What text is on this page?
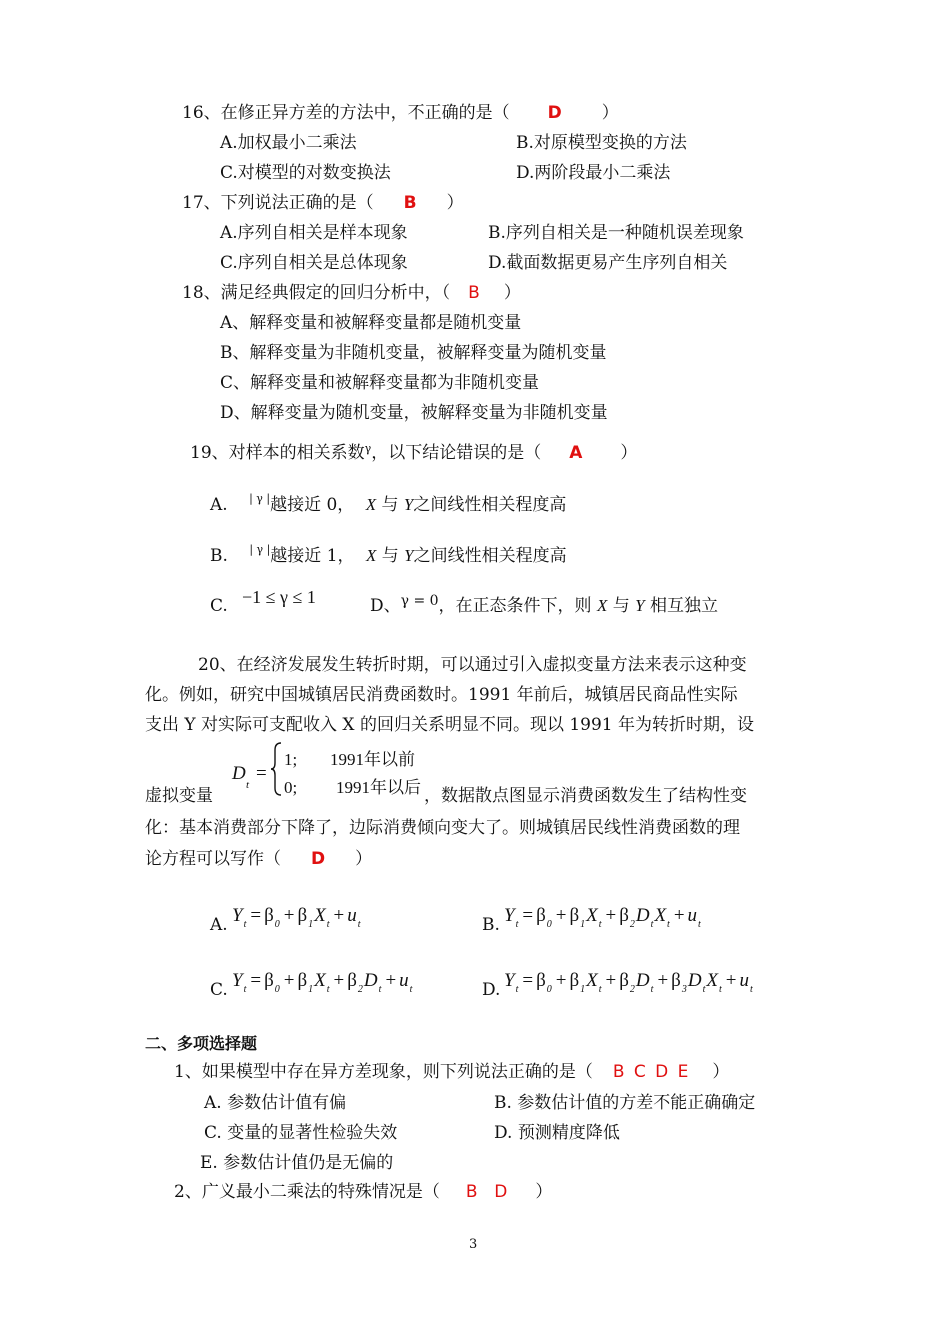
16、在修正异方差的方法中，不正确的是（ D ）
A.加权最小二乘法	B.对原模型变换的方法
C.对模型的对数变换法	D.两阶段最小二乘法
17、下列说法正确的是（ B ）
A.序列自相关是样本现象	B.序列自相关是一种随机误差现象
C.序列自相关是总体现象	D.截面数据更易产生序列自相关
18、满足经典假定的回归分析中，（ B ）
A、解释变量和被解释变量都是随机变量
B、解释变量为非随机变量，被解释变量为随机变量
C、解释变量和被解释变量都为非随机变量
D、解释变量为随机变量，被解释变量为非随机变量
19、对样本的相关系数$^\gamma$，以下结论错误的是（ A ）
A. $^{| \gamma |}$越接近 0， X 与 Y之间线性相关程度高
B. $^{| \gamma |}$越接近 1， X 与 Y之间线性相关程度高
C. −1 ≤ γ ≤ 1	D、$^{\gamma = 0}$，在正态条件下，则 X 与 Y 相互独立
20、在经济发展发生转折时期，可以通过引入虚拟变量方法来表示这种变
化。例如，研究中国城镇居民消费函数时。1991 年前后，城镇居民商品性实际
支出 Y 对实际可支配收入 X 的回归关系明显不同。现以 1991 年为转折时期，设
虚拟变量
D
t
=
1; 1991年以前
0; 1991年以后 ，数据散点图显示消费函数发生了结构性变
化：基本消费部分下降了，边际消费倾向变大了。则城镇居民线性消费函数的理
论方程可以写作（ D ）
A. $Y_t = \beta_0 + \beta_1X_t + u_t$	B. $Y_t = \beta_0 + \beta_1X_t + \beta_2D_tX_t + u_t$
C. $Y_t = \beta_0 + \beta_1X_t + \beta_2D_t + u_t$	D. $Y_t = \beta_0 + \beta_1X_t + \beta_2D_t + \beta_3D_tX_t + u_t$
二、多项选择题
1、如果模型中存在异方差现象，则下列说法正确的是（ B C D E ）
A. 参数估计值有偏	B. 参数估计值的方差不能正确确定
C. 变量的显著性检验失效	D. 预测精度降低
E. 参数估计值仍是无偏的
2、广义最小二乘法的特殊情况是（ B  D ）
3
